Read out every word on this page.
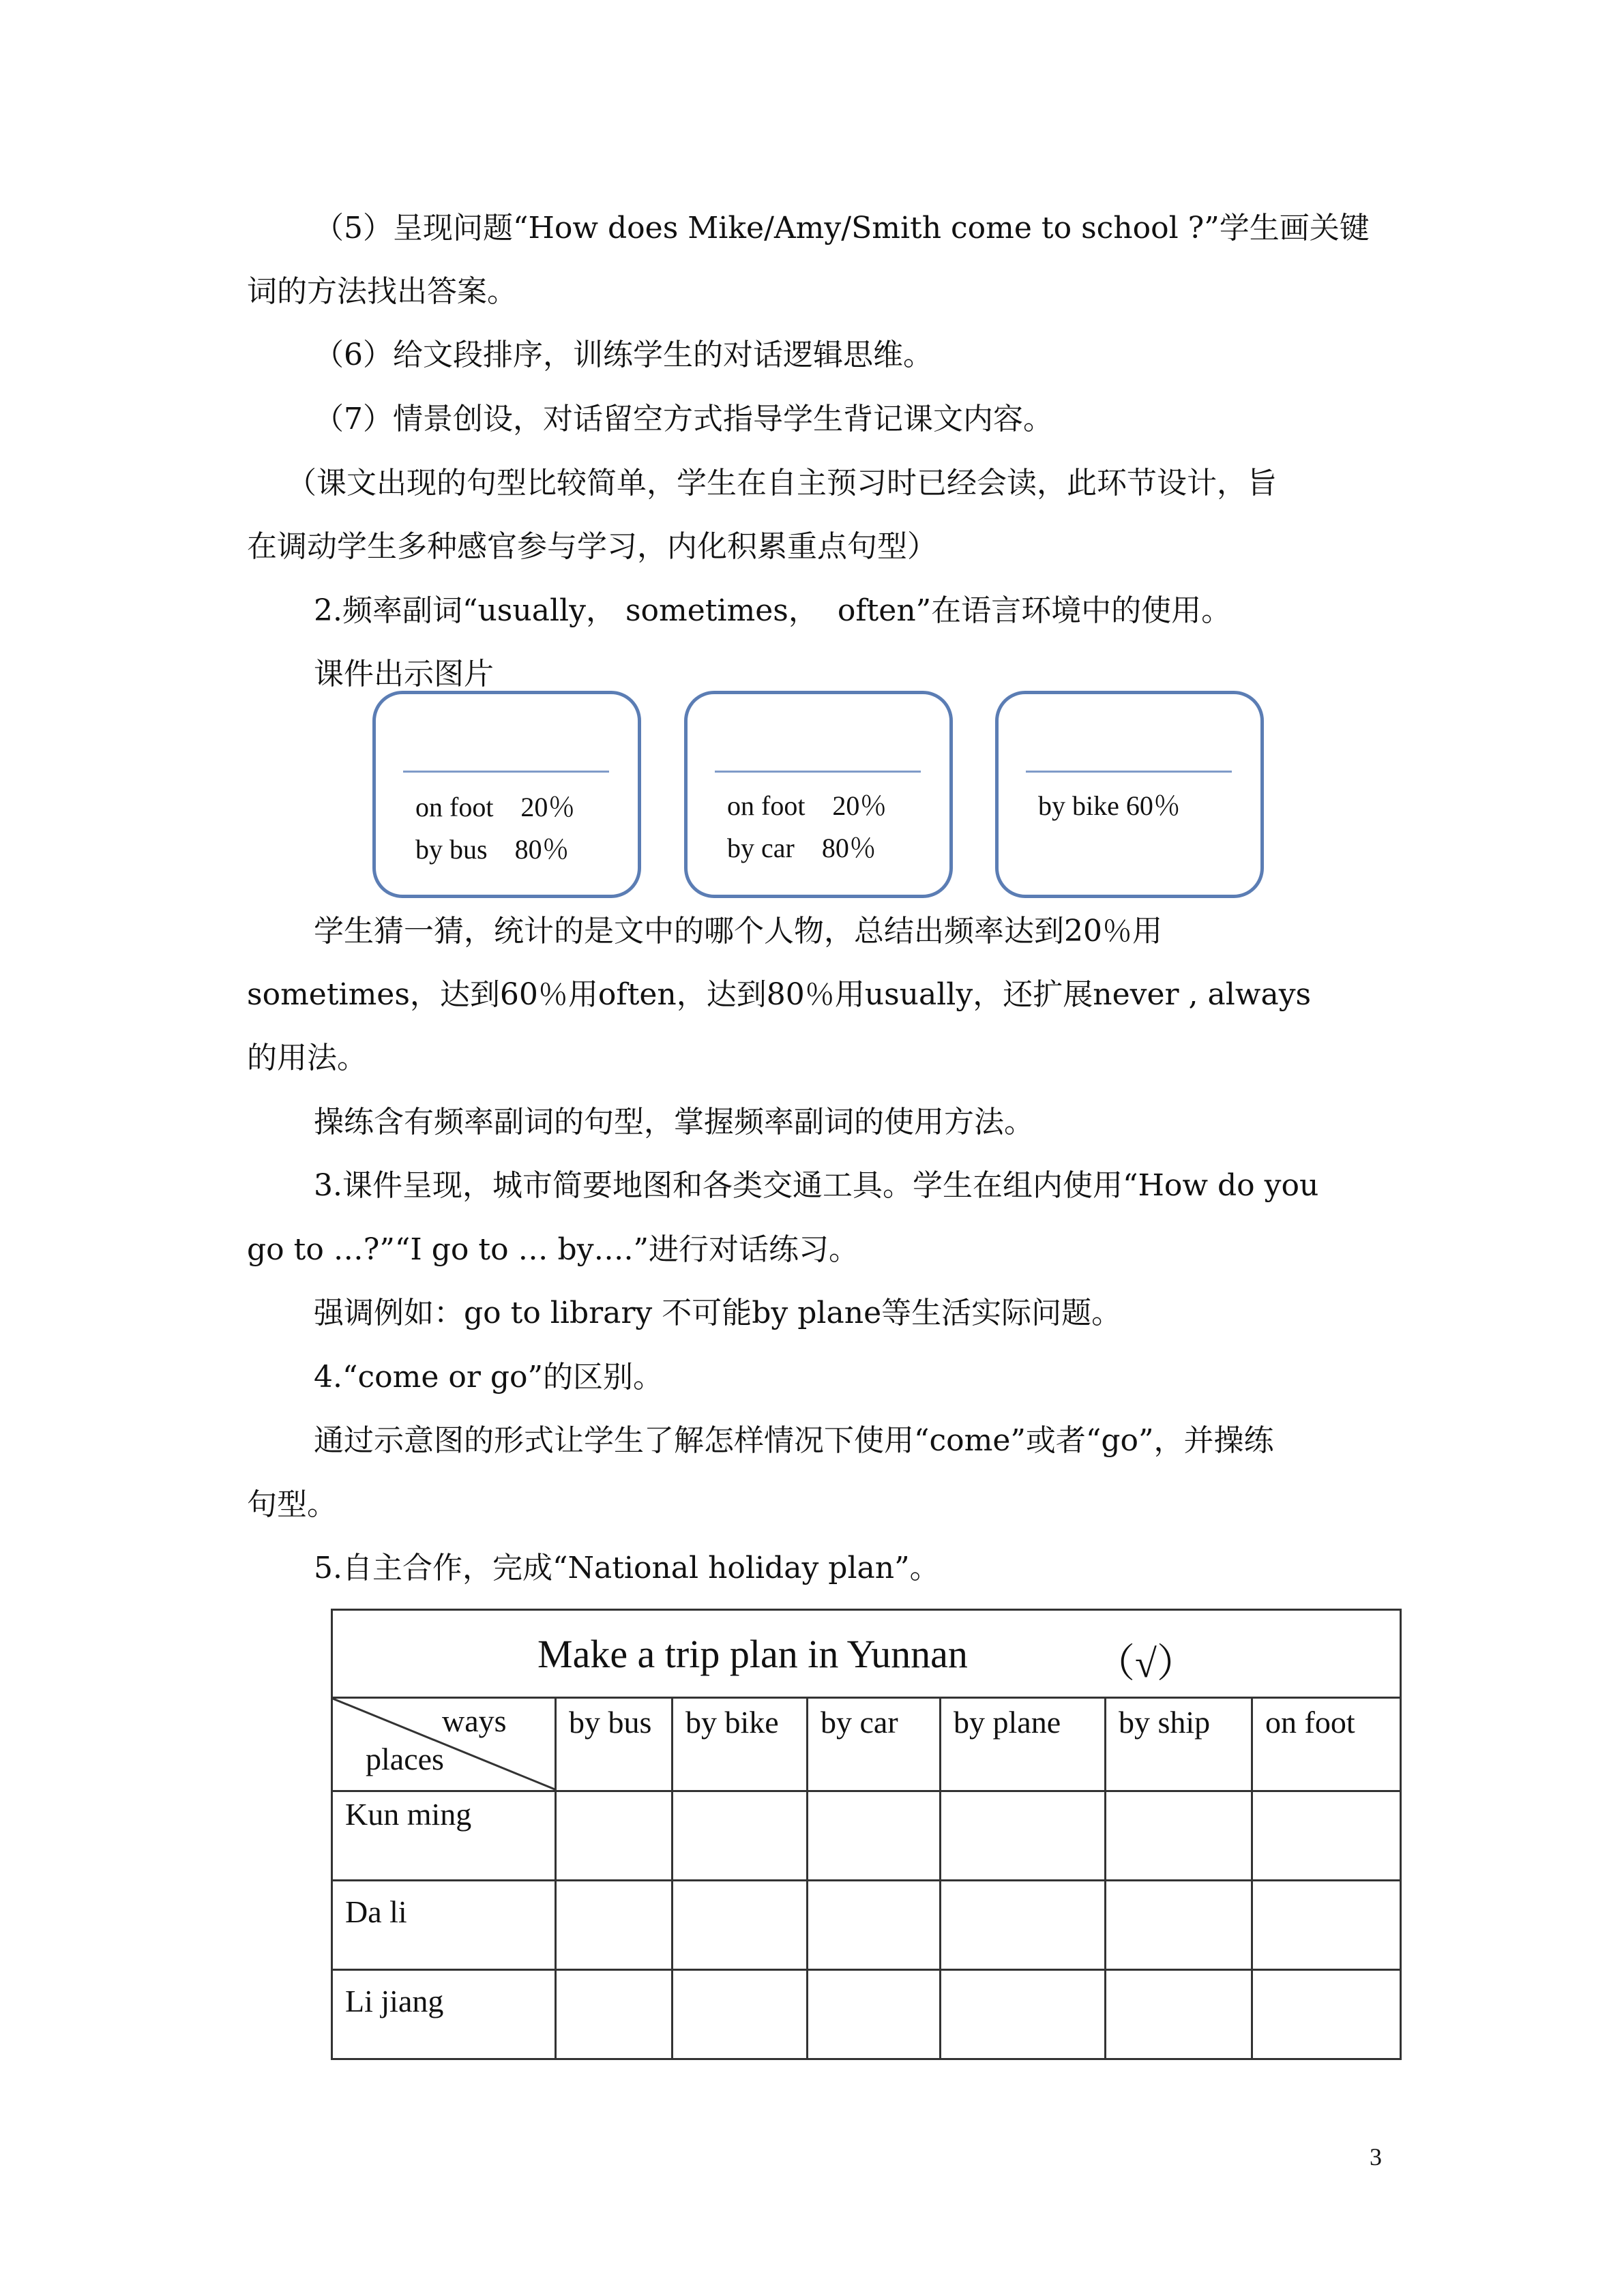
（5）呈现问题“How does Mike/Amy/Smith come to school ?”学生画关键
词的方法找出答案。
（6）给文段排序，训练学生的对话逻辑思维。
（7）情景创设，对话留空方式指导学生背记课文内容。
（课文出现的句型比较简单，学生在自主预习时已经会读，此环节设计，旨
在调动学生多种感官参与学习，内化积累重点句型）
2.频率副词“usually， sometimes，  often”在语言环境中的使用。
课件出示图片
on foot    20％
by bus    80％
on foot    20％
by car    80％
by bike 60％
学生猜一猜，统计的是文中的哪个人物，总结出频率达到20％用
sometimes，达到60％用often，达到80％用usually，还扩展never , always
的用法。
操练含有频率副词的句型，掌握频率副词的使用方法。
3.课件呈现，城市简要地图和各类交通工具。学生在组内使用“How do you
go to …?”“I go to … by….”进行对话练习。
强调例如：go to library 不可能by plane等生活实际问题。
4.“come or go”的区别。
通过示意图的形式让学生了解怎样情况下使用“come”或者“go”，并操练
句型。
5.自主合作，完成“National holiday plan”。
Make a trip plan in Yunnan （√）						

ways
places	by bus	by bike	by car	by plane	by ship	on foot

Kun ming						

Da li						

Li jiang						

3
